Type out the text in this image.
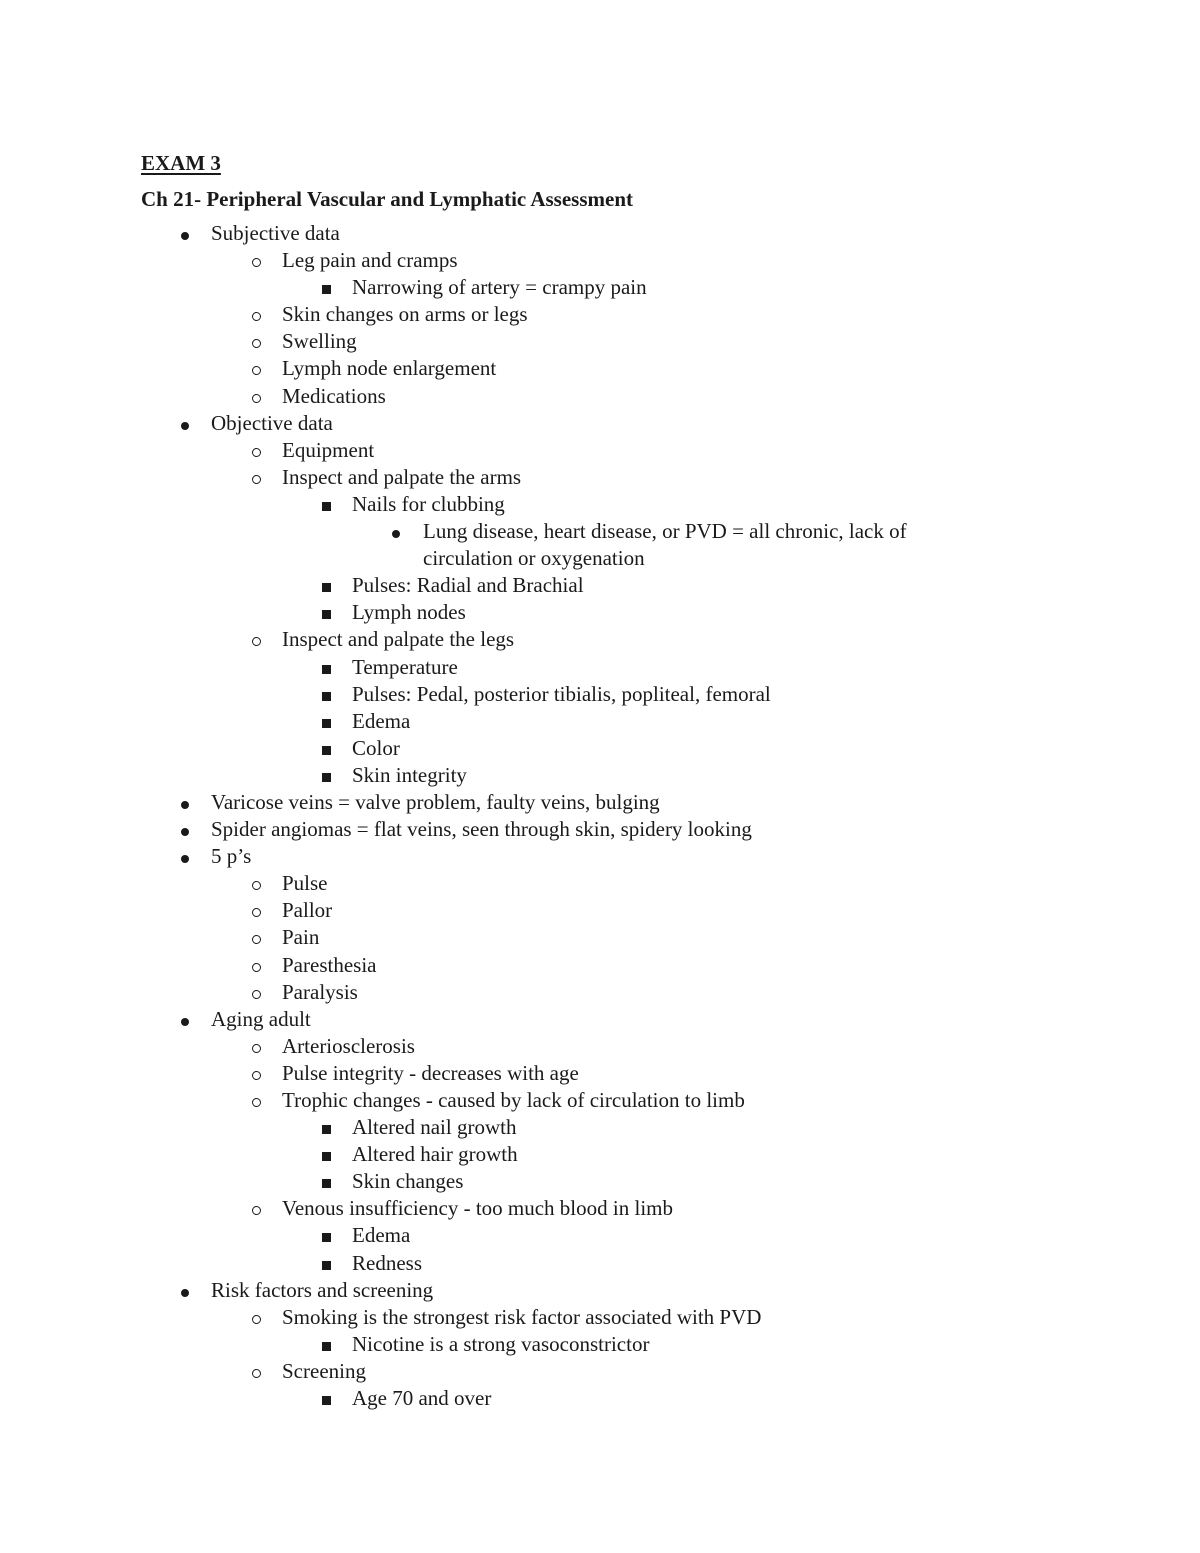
EXAM 3
Ch 21- Peripheral Vascular and Lymphatic Assessment
Subjective data
Leg pain and cramps
Narrowing of artery = crampy pain
Skin changes on arms or legs
Swelling
Lymph node enlargement
Medications
Objective data
Equipment
Inspect and palpate the arms
Nails for clubbing
Lung disease, heart disease, or PVD = all chronic, lack of
circulation or oxygenation
Pulses: Radial and Brachial
Lymph nodes
Inspect and palpate the legs
Temperature
Pulses: Pedal, posterior tibialis, popliteal, femoral
Edema
Color
Skin integrity
Varicose veins = valve problem, faulty veins, bulging
Spider angiomas = flat veins, seen through skin, spidery looking
5 p’s
Pulse
Pallor
Pain
Paresthesia
Paralysis
Aging adult
Arteriosclerosis
Pulse integrity - decreases with age
Trophic changes - caused by lack of circulation to limb
Altered nail growth
Altered hair growth
Skin changes
Venous insufficiency - too much blood in limb
Edema
Redness
Risk factors and screening
Smoking is the strongest risk factor associated with PVD
Nicotine is a strong vasoconstrictor
Screening
Age 70 and over
